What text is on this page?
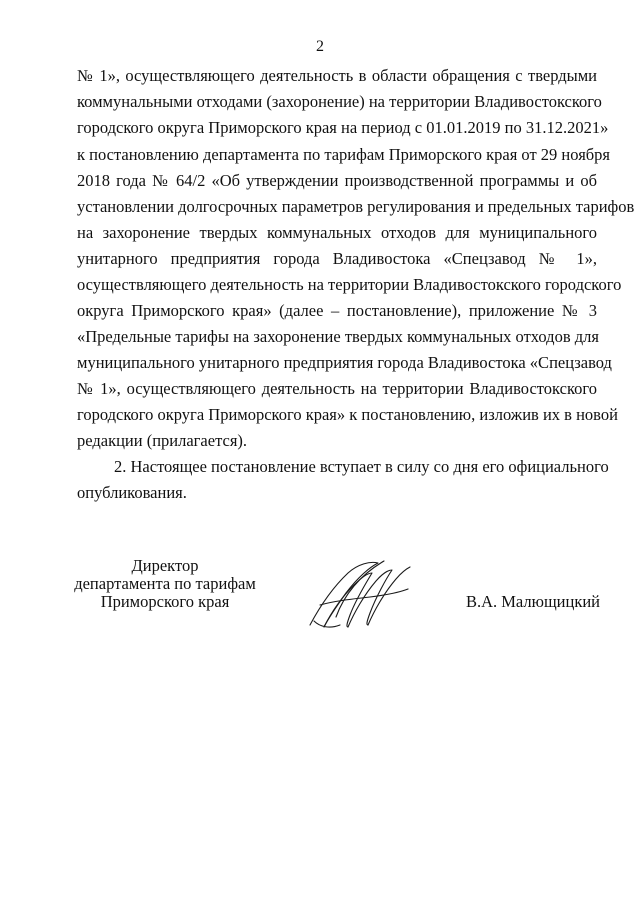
2
№ 1», осуществляющего деятельность в области обращения с твердыми
коммунальными отходами (захоронение) на территории Владивостокского
городского округа Приморского края на период с 01.01.2019 по 31.12.2021»
к постановлению департамента по тарифам Приморского края от 29 ноября
2018 года № 64/2 «Об утверждении производственной программы и об
установлении долгосрочных параметров регулирования и предельных тарифов
на захоронение твердых коммунальных отходов для муниципального
унитарного предприятия города Владивостока «Спецзавод № 1»,
осуществляющего деятельность на территории Владивостокского городского
округа Приморского края» (далее – постановление), приложение № 3
«Предельные тарифы на захоронение твердых коммунальных отходов для
муниципального унитарного предприятия города Владивостока «Спецзавод
№ 1», осуществляющего деятельность на территории Владивостокского
городского округа Приморского края» к постановлению, изложив их в новой
редакции (прилагается).
2. Настоящее постановление вступает в силу со дня его официального
опубликования.
Директор
департамента по тарифам
Приморского края	В.А. Малющицкий
